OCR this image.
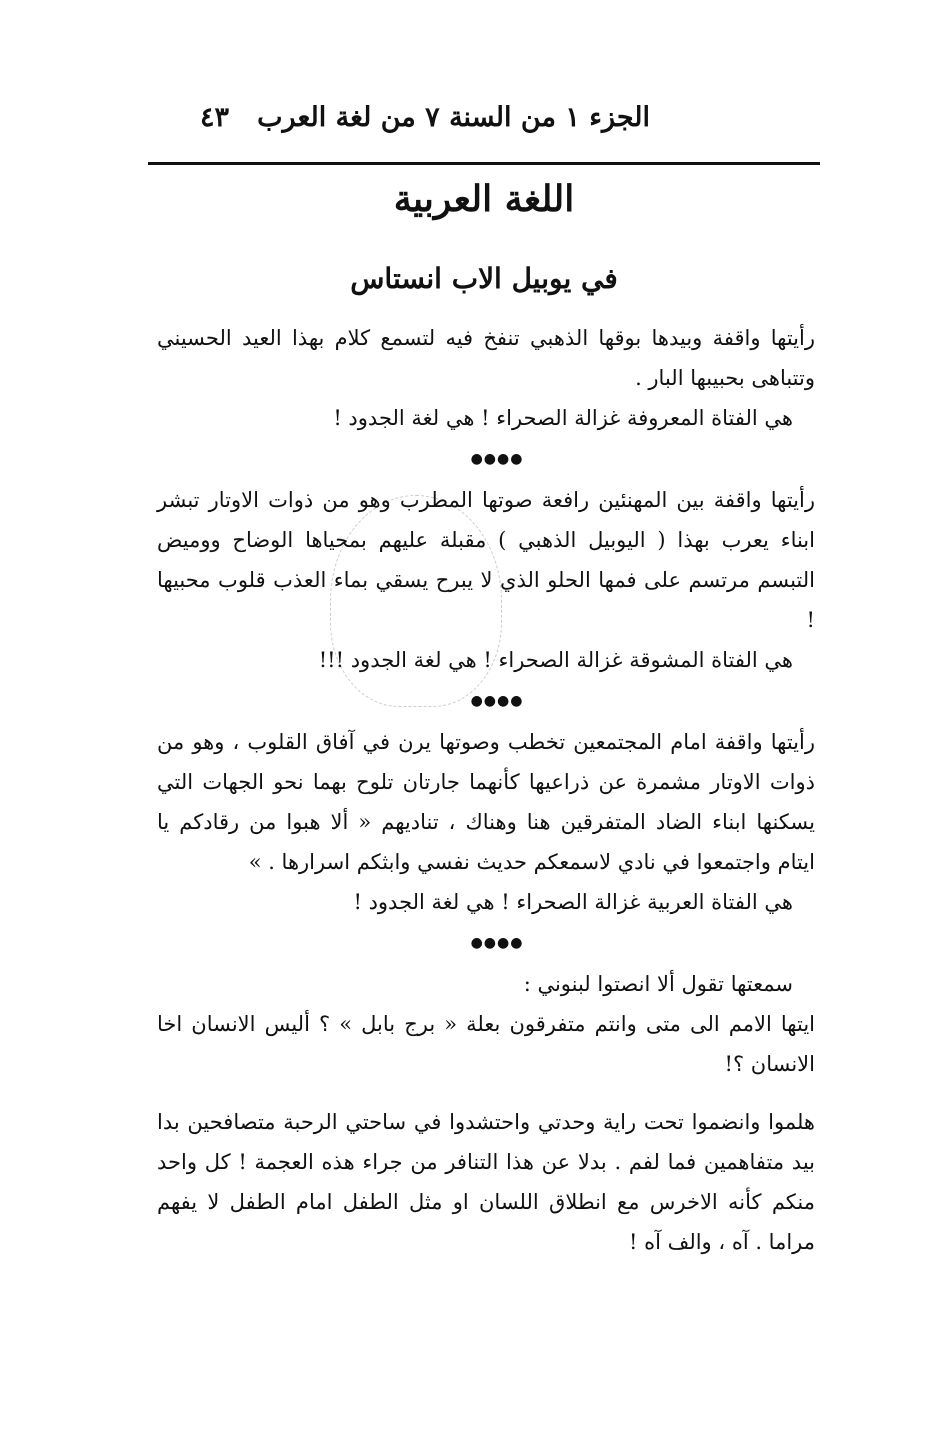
الجزء ١ من السنة ٧ من لغة العرب
٤٣
اللغة العربية
في يوبيل الاب انستاس

رأيتها واقفة وبيدها بوقها الذهبي تنفخ فيه لتسمع كلام بهذا العيد الحسيني وتتباهى بحبيبها البار .

هي الفتاة المعروفة غزالة الصحراء ! هي لغة الجدود !

●●●●

رأيتها واقفة بين المهنئين رافعة صوتها المطرب وهو من ذوات الاوتار تبشر ابناء يعرب بهذا ( اليوبيل الذهبي ) مقبلة عليهم بمحياها الوضاح ووميض التبسم مرتسم على فمها الحلو الذي لا يبرح يسقي بماء العذب قلوب محبيها !

هي الفتاة المشوقة غزالة الصحراء ! هي لغة الجدود !!!

●●●●

رأيتها واقفة امام المجتمعين تخطب وصوتها يرن في آفاق القلوب ، وهو من ذوات الاوتار مشمرة عن ذراعيها كأنهما جارتان تلوح بهما نحو الجهات التي يسكنها ابناء الضاد المتفرقين هنا وهناك ، تناديهم « ألا هبوا من رقادكم يا ايتام واجتمعوا في نادي لاسمعكم حديث نفسي وابثكم اسرارها . »

هي الفتاة العربية غزالة الصحراء ! هي لغة الجدود !

●●●●

سمعتها تقول ألا انصتوا لبنوني :

ايتها الامم الى متى وانتم متفرقون بعلة « برج بابل » ؟ أليس الانسان اخا الانسان ؟!

هلموا وانضموا تحت راية وحدتي واحتشدوا في ساحتي الرحبة متصافحين بدا بيد متفاهمين فما لفم . بدلا عن هذا التنافر من جراء هذه العجمة ! كل واحد منكم كأنه الاخرس مع انطلاق اللسان او مثل الطفل امام الطفل لا يفهم مراما . آه ، والف آه !
